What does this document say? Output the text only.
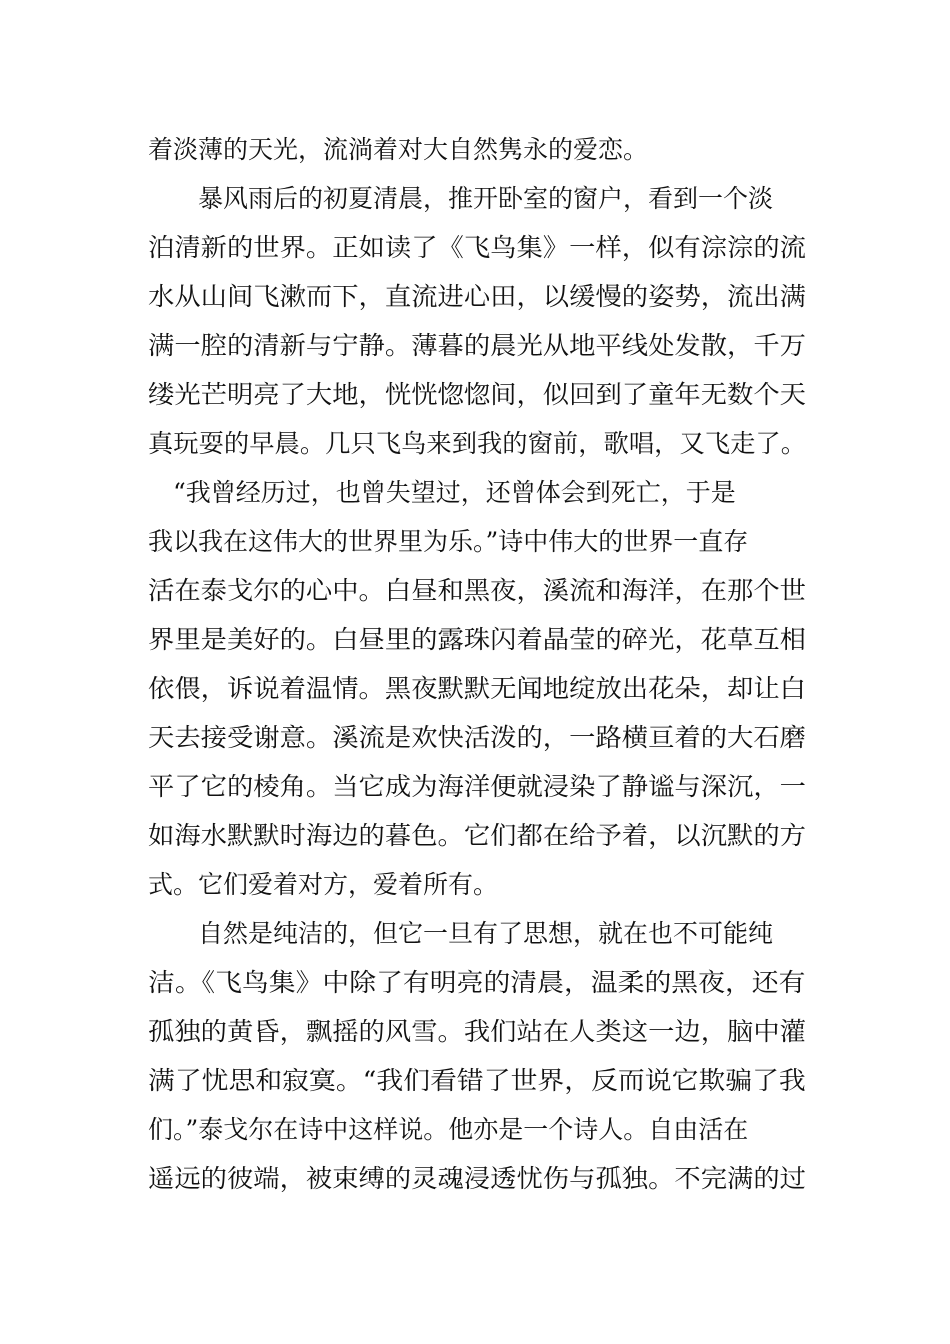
着淡薄的天光，流淌着对大自然隽永的爱恋。
暴风雨后的初夏清晨，推开卧室的窗户，看到一个淡
泊清新的世界。正如读了《飞鸟集》一样，似有淙淙的流
水从山间飞漱而下，直流进心田，以缓慢的姿势，流出满
满一腔的清新与宁静。薄暮的晨光从地平线处发散，千万
缕光芒明亮了大地，恍恍惚惚间，似回到了童年无数个天
真玩耍的早晨。几只飞鸟来到我的窗前，歌唱，又飞走了。
“我曾经历过，也曾失望过，还曾体会到死亡，于是
我以我在这伟大的世界里为乐。”诗中伟大的世界一直存
活在泰戈尔的心中。白昼和黑夜，溪流和海洋，在那个世
界里是美好的。白昼里的露珠闪着晶莹的碎光，花草互相
依偎，诉说着温情。黑夜默默无闻地绽放出花朵，却让白
天去接受谢意。溪流是欢快活泼的，一路横亘着的大石磨
平了它的棱角。当它成为海洋便就浸染了静谧与深沉，一
如海水默默时海边的暮色。它们都在给予着，以沉默的方
式。它们爱着对方，爱着所有。
自然是纯洁的，但它一旦有了思想，就在也不可能纯
洁。《飞鸟集》中除了有明亮的清晨，温柔的黑夜，还有
孤独的黄昏，飘摇的风雪。我们站在人类这一边，脑中灌
满了忧思和寂寞。“我们看错了世界，反而说它欺骗了我
们。”泰戈尔在诗中这样说。他亦是一个诗人。自由活在
遥远的彼端，被束缚的灵魂浸透忧伤与孤独。不完满的过
